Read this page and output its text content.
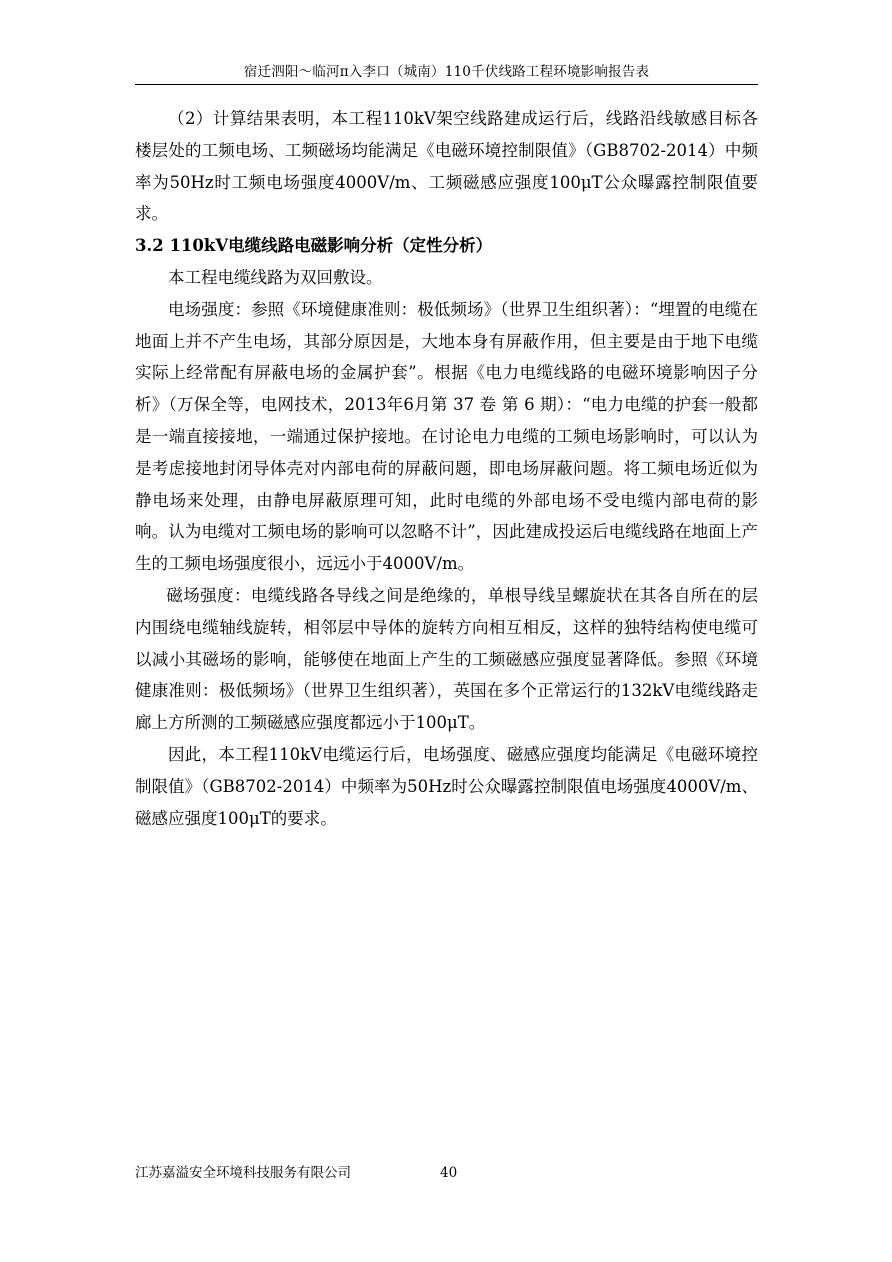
宿迁泗阳～临河π入李口（城南）110千伏线路工程环境影响报告表

（2）计算结果表明，本工程110kV架空线路建成运行后，线路沿线敏感目标各楼层处的工频电场、工频磁场均能满足《电磁环境控制限值》（GB8702-2014）中频率为50Hz时工频电场强度4000V/m、工频磁感应强度100μT公众曝露控制限值要求。

3.2 110kV电缆线路电磁影响分析（定性分析）

本工程电缆线路为双回敷设。

电场强度：参照《环境健康准则：极低频场》（世界卫生组织著）：“埋置的电缆在地面上并不产生电场，其部分原因是，大地本身有屏蔽作用，但主要是由于地下电缆实际上经常配有屏蔽电场的金属护套”。根据《电力电缆线路的电磁环境影响因子分析》（万保全等，电网技术，2013年6月第 37 卷 第 6 期）：“电力电缆的护套一般都是一端直接接地，一端通过保护接地。在讨论电力电缆的工频电场影响时，可以认为是考虑接地封闭导体壳对内部电荷的屏蔽问题，即电场屏蔽问题。将工频电场近似为静电场来处理，由静电屏蔽原理可知，此时电缆的外部电场不受电缆内部电荷的影响。认为电缆对工频电场的影响可以忽略不计”，因此建成投运后电缆线路在地面上产生的工频电场强度很小，远远小于4000V/m。

磁场强度：电缆线路各导线之间是绝缘的，单根导线呈螺旋状在其各自所在的层内围绕电缆轴线旋转，相邻层中导体的旋转方向相互相反，这样的独特结构使电缆可以减小其磁场的影响，能够使在地面上产生的工频磁感应强度显著降低。参照《环境健康准则：极低频场》（世界卫生组织著），英国在多个正常运行的132kV电缆线路走廊上方所测的工频磁感应强度都远小于100μT。

因此，本工程110kV电缆运行后，电场强度、磁感应强度均能满足《电磁环境控制限值》（GB8702-2014）中频率为50Hz时公众曝露控制限值电场强度4000V/m、磁感应强度100μT的要求。

江苏嘉溢安全环境科技服务有限公司	40
